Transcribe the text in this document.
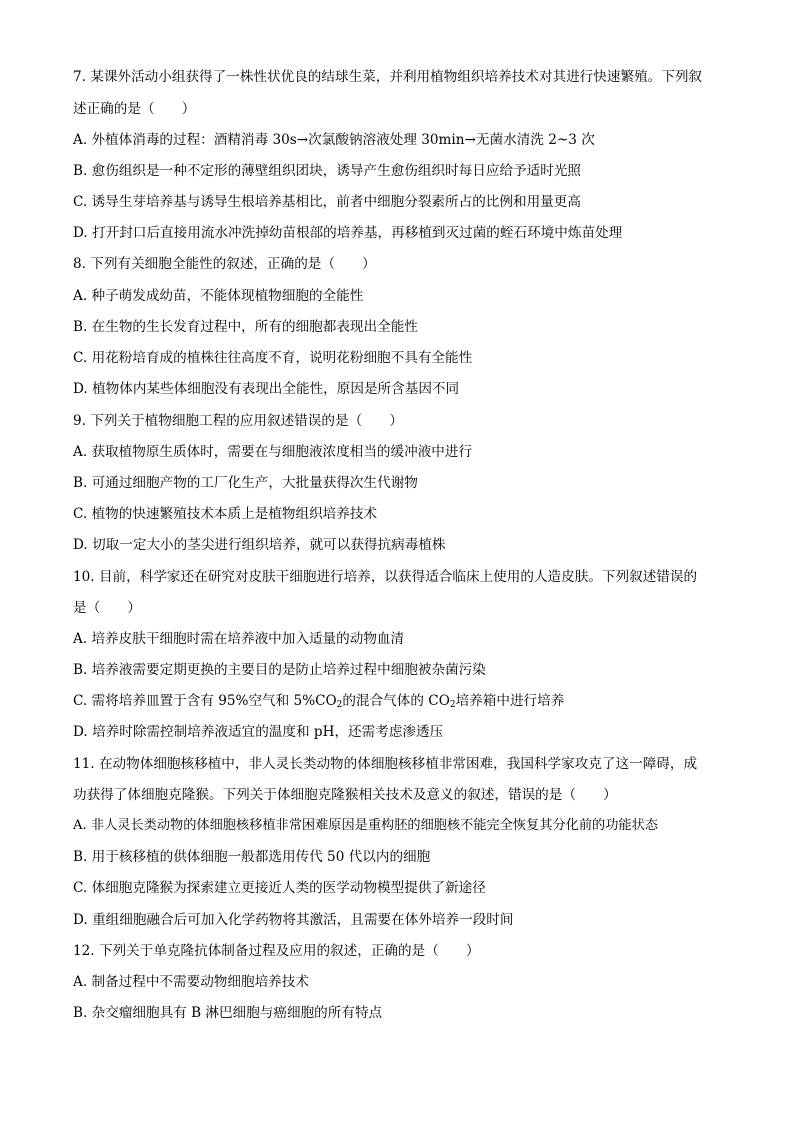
7. 某课外活动小组获得了一株性状优良的结球生菜，并利用植物组织培养技术对其进行快速繁殖。下列叙
述正确的是（　　）
A. 外植体消毒的过程：酒精消毒 30s→次氯酸钠溶液处理 30min→无菌水清洗 2~3 次
B. 愈伤组织是一种不定形的薄壁组织团块，诱导产生愈伤组织时每日应给予适时光照
C. 诱导生芽培养基与诱导生根培养基相比，前者中细胞分裂素所占的比例和用量更高
D. 打开封口后直接用流水冲洗掉幼苗根部的培养基，再移植到灭过菌的蛭石环境中炼苗处理
8. 下列有关细胞全能性的叙述，正确的是（　　）
A. 种子萌发成幼苗，不能体现植物细胞的全能性
B. 在生物的生长发育过程中，所有的细胞都表现出全能性
C. 用花粉培育成的植株往往高度不育，说明花粉细胞不具有全能性
D. 植物体内某些体细胞没有表现出全能性，原因是所含基因不同
9. 下列关于植物细胞工程的应用叙述错误的是（　　）
A. 获取植物原生质体时，需要在与细胞液浓度相当的缓冲液中进行
B. 可通过细胞产物的工厂化生产，大批量获得次生代谢物
C. 植物的快速繁殖技术本质上是植物组织培养技术
D. 切取一定大小的茎尖进行组织培养，就可以获得抗病毒植株
10. 目前，科学家还在研究对皮肤干细胞进行培养，以获得适合临床上使用的人造皮肤。下列叙述错误的
是（　　）
A. 培养皮肤干细胞时需在培养液中加入适量的动物血清
B. 培养液需要定期更换的主要目的是防止培养过程中细胞被杂菌污染
C. 需将培养皿置于含有 95%空气和 $5\%CO_2$的混合气体的 $CO_2$培养箱中进行培养
D. 培养时除需控制培养液适宜的温度和 pH，还需考虑渗透压
11. 在动物体细胞核移植中，非人灵长类动物的体细胞核移植非常困难，我国科学家攻克了这一障碍，成
功获得了体细胞克隆猴。下列关于体细胞克隆猴相关技术及意义的叙述，错误的是（　　）
A. 非人灵长类动物的体细胞核移植非常困难原因是重构胚的细胞核不能完全恢复其分化前的功能状态
B. 用于核移植的供体细胞一般都选用传代 50 代以内的细胞
C. 体细胞克隆猴为探索建立更接近人类的医学动物模型提供了新途径
D. 重组细胞融合后可加入化学药物将其激活，且需要在体外培养一段时间
12. 下列关于单克隆抗体制备过程及应用的叙述，正确的是（　　）
A. 制备过程中不需要动物细胞培养技术
B. 杂交瘤细胞具有 B 淋巴细胞与癌细胞的所有特点
